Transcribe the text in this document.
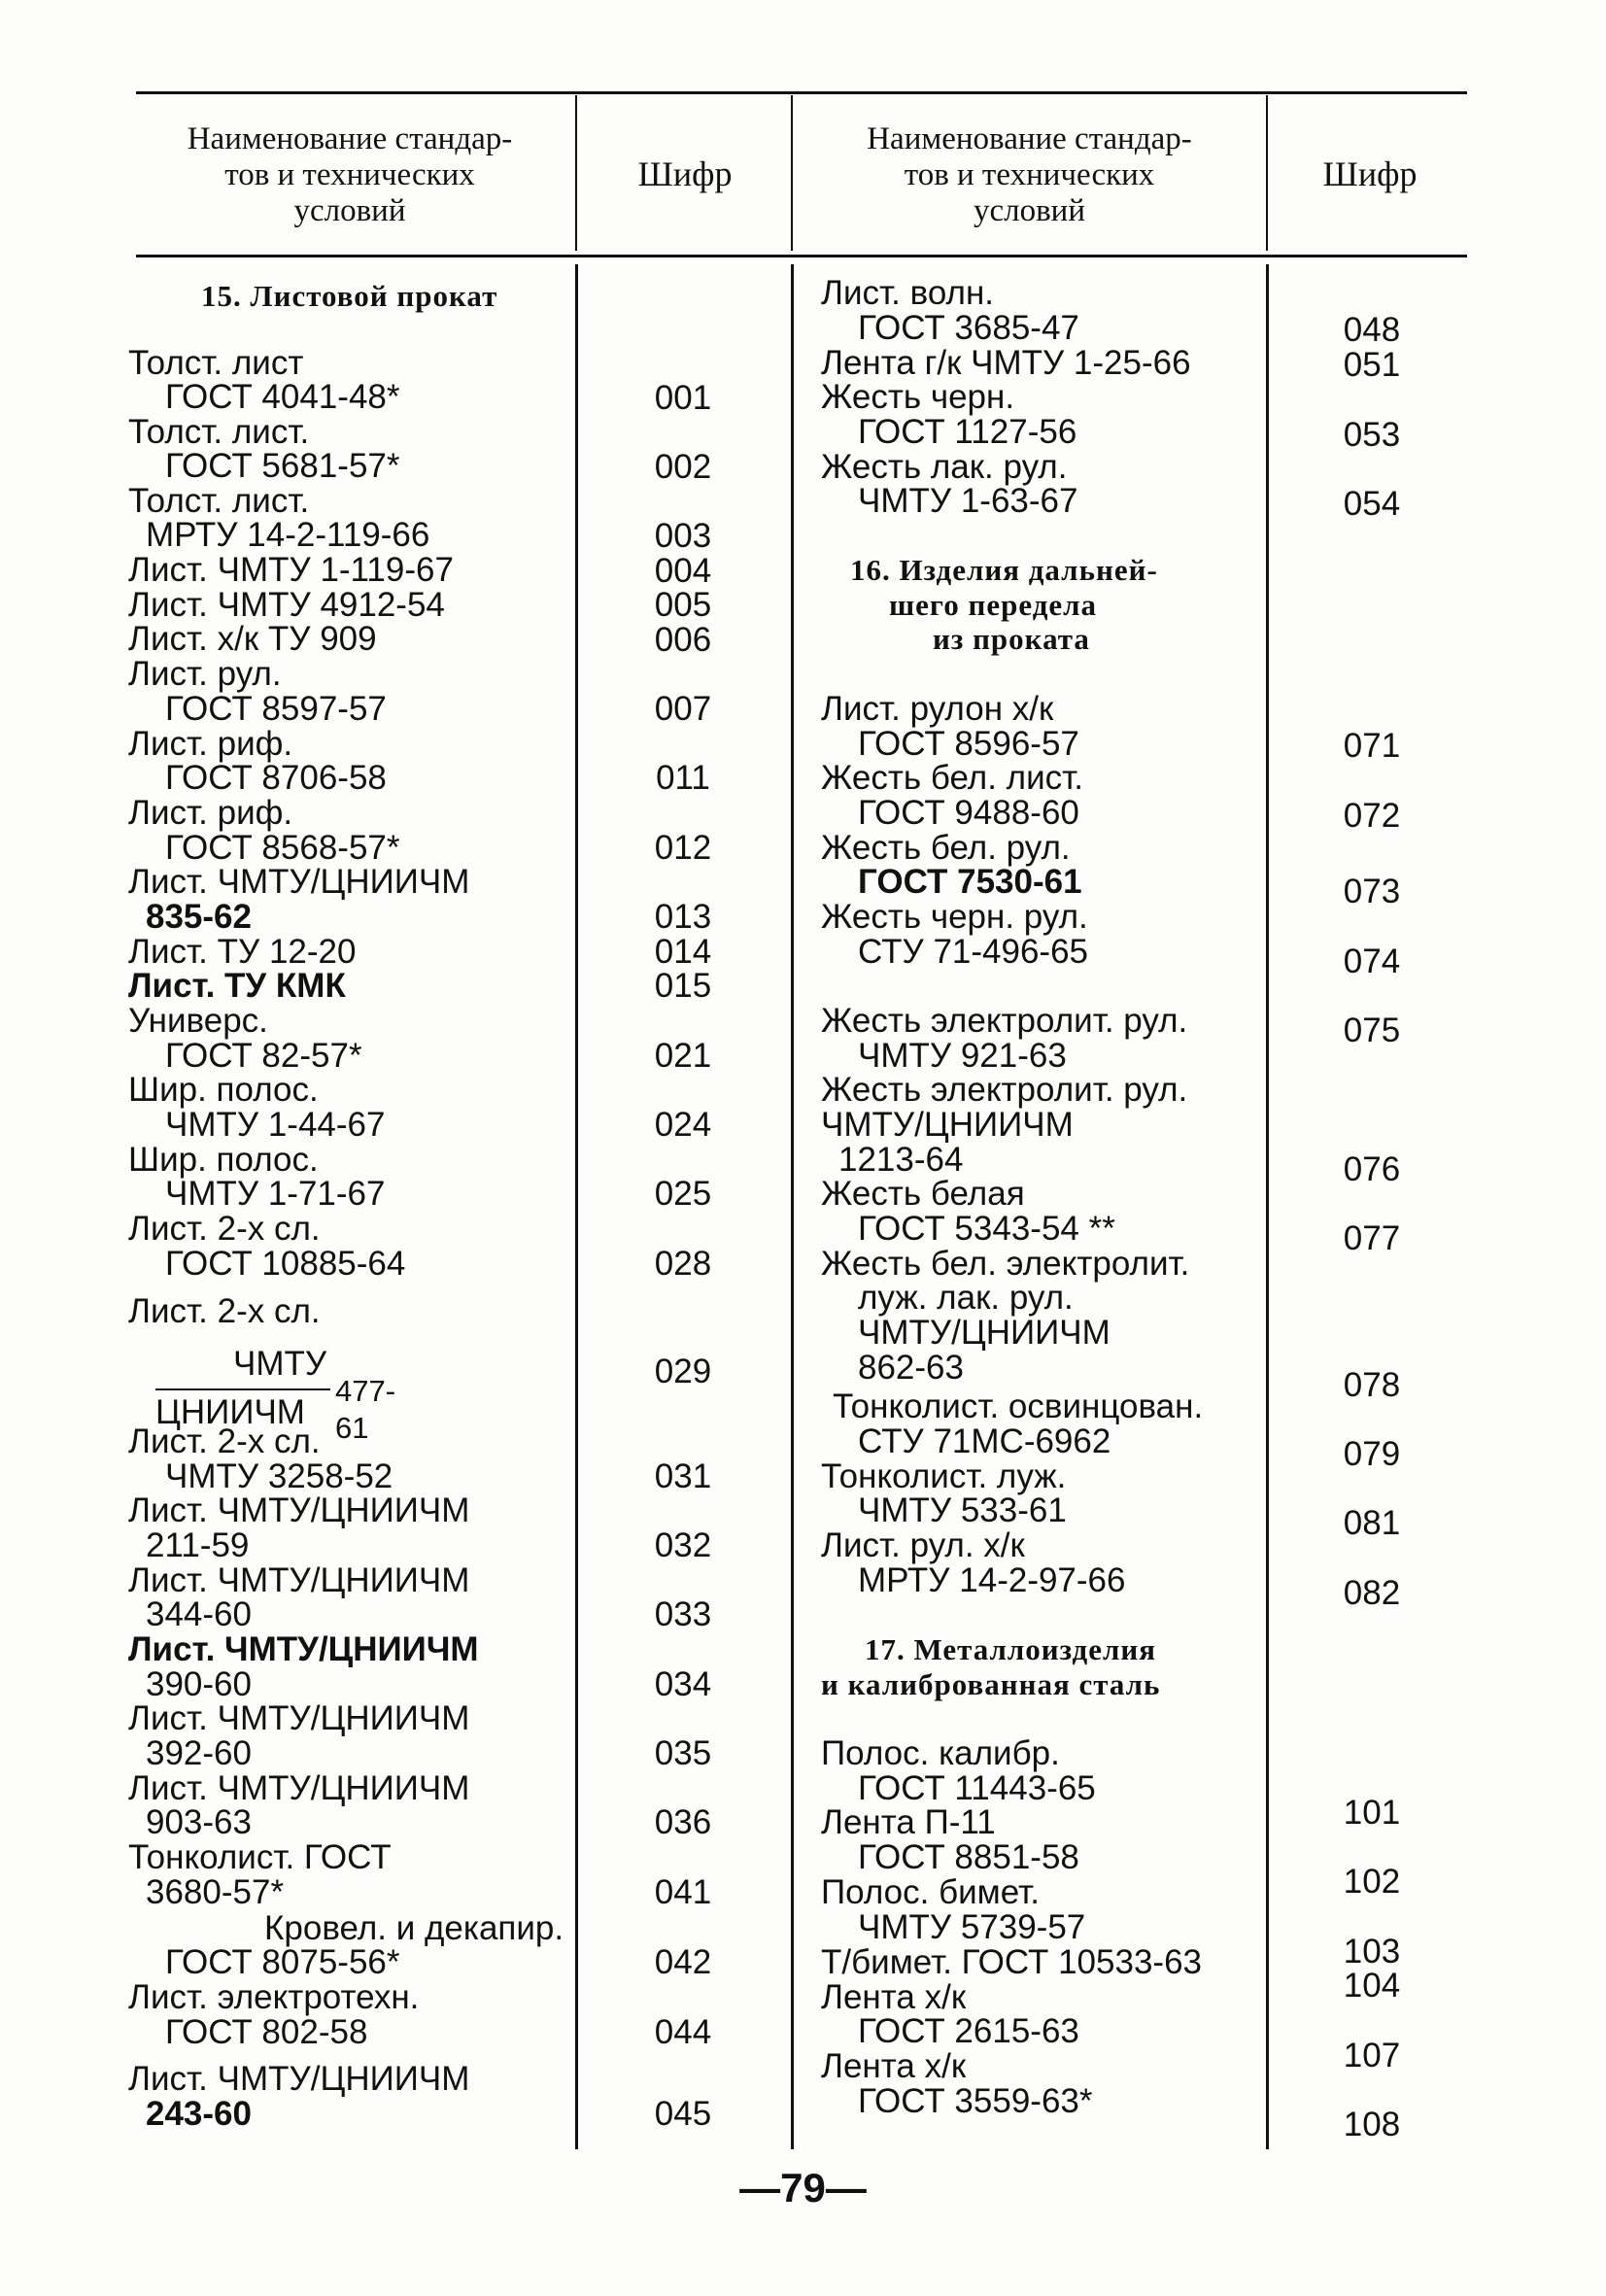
Наименование стандар-
тов и технических
условий
Шифр
Наименование стандар-
тов и технических
условий
Шифр
15. Листовой прокат
Толст. лист
ГОСТ 4041-48*
Толст. лист.
ГОСТ 5681-57*
Толст. лист.
МРТУ 14-2-119-66
Лист. ЧМТУ 1-119-67
Лист. ЧМТУ 4912-54
Лист. х/к ТУ 909
Лист. рул.
ГОСТ 8597-57
Лист. риф.
ГОСТ 8706-58
Лист. риф.
ГОСТ 8568-57*
Лист. ЧМТУ/ЦНИИЧМ
835-62
Лист. ТУ 12-20
Лист. ТУ КМК
Универс.
ГОСТ 82-57*
Шир. полос.
ЧМТУ 1-44-67
Шир. полос.
ЧМТУ 1-71-67
Лист. 2-х сл.
ГОСТ 10885-64
Лист. 2-х сл.
Лист. 2-х сл.
ЧМТУ 3258-52
Лист. ЧМТУ/ЦНИИЧМ
211-59
Лист. ЧМТУ/ЦНИИЧМ
344-60
Лист. ЧМТУ/ЦНИИЧМ
390-60
Лист. ЧМТУ/ЦНИИЧМ
392-60
Лист. ЧМТУ/ЦНИИЧМ
903-63
Тонколист. ГОСТ
3680-57*
Кровел. и декапир.
ГОСТ 8075-56*
Лист. электротехн.
ГОСТ 802-58
Лист. ЧМТУ/ЦНИИЧМ
243-60
001
002
003
004
005
006
007
011
012
013
014
015
021
024
025
028
029
031
032
033
034
035
036
041
042
044
045
Лист. волн.
ГОСТ 3685-47
Лента г/к ЧМТУ 1-25-66
Жесть черн.
ГОСТ 1127-56
Жесть лак. рул.
ЧМТУ 1-63-67
16. Изделия дальней-
шего передела
из проката
Лист. рулон х/к
ГОСТ 8596-57
Жесть бел. лист.
ГОСТ 9488-60
Жесть бел. рул.
ГОСТ 7530-61
Жесть черн. рул.
СТУ 71-496-65
Жесть электролит. рул.
ЧМТУ 921-63
Жесть электролит. рул.
ЧМТУ/ЦНИИЧМ
1213-64
Жесть белая
ГОСТ 5343-54 **
Жесть бел. электролит.
луж. лак. рул.
ЧМТУ/ЦНИИЧМ
862-63
Тонколист. освинцован.
СТУ 71МС-6962
Тонколист. луж.
ЧМТУ 533-61
Лист. рул. х/к
МРТУ 14-2-97-66
17. Металлоизделия
и калиброванная сталь
Полос. калибр.
ГОСТ 11443-65
Лента П-11
ГОСТ 8851-58
Полос. бимет.
ЧМТУ 5739-57
Т/бимет. ГОСТ 10533-63
Лента х/к
ГОСТ 2615-63
Лента х/к
ГОСТ 3559-63*
048
051
053
054
071
072
073
074
075
076
077
078
079
081
082
101
102
103
104
107
108
ЧМТУ
ЦНИИЧМ
477-61
—79—
